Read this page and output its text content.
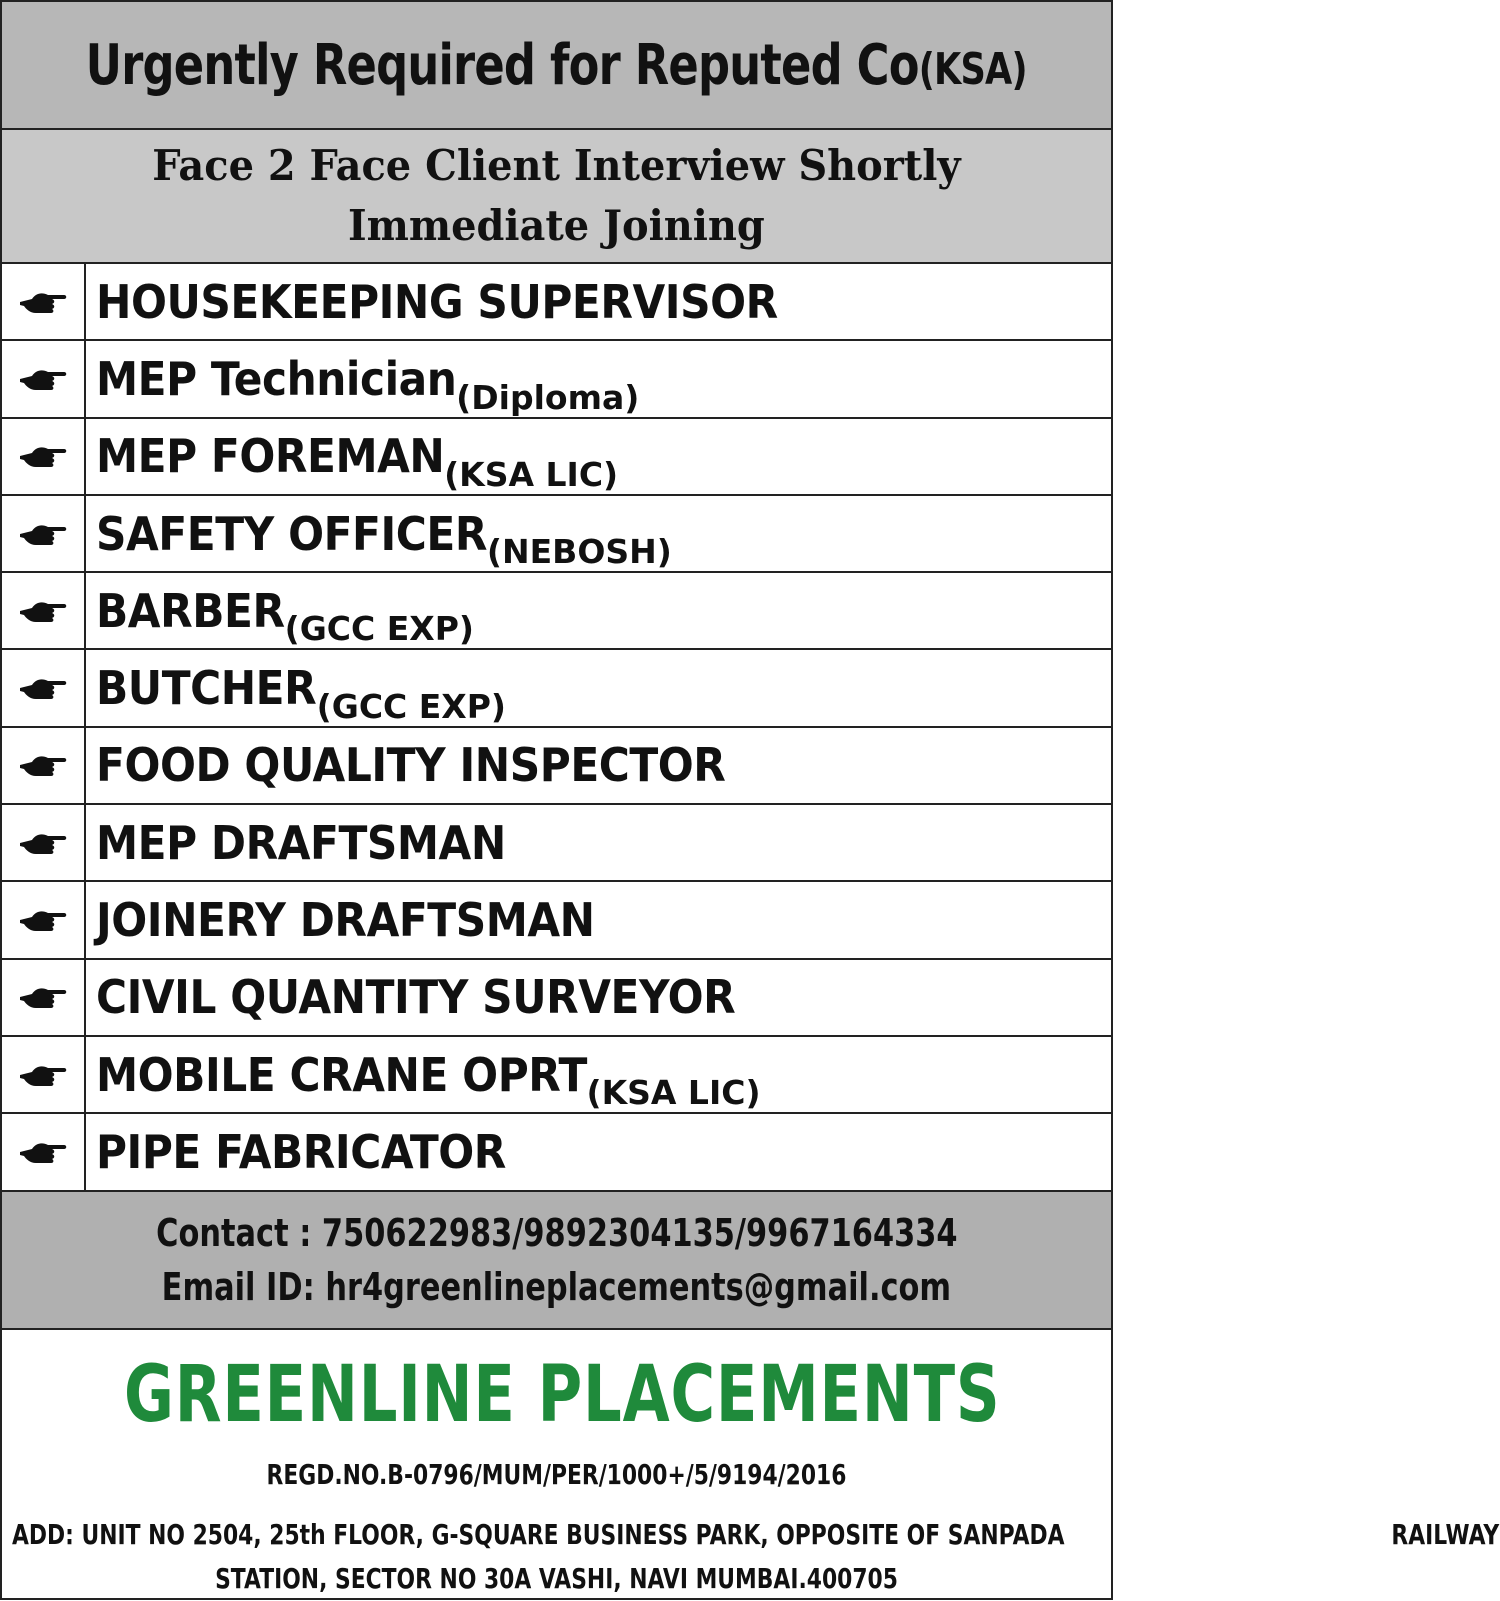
Urgently Required for Reputed Co(KSA)
Face 2 Face Client Interview Shortly
Immediate Joining
HOUSEKEEPING SUPERVISOR
MEP Technician (Diploma)
MEP FOREMAN (KSA LIC)
SAFETY OFFICER (NEBOSH)
BARBER (GCC EXP)
BUTCHER (GCC EXP)
FOOD QUALITY INSPECTOR
MEP DRAFTSMAN
JOINERY DRAFTSMAN
CIVIL QUANTITY SURVEYOR
MOBILE CRANE OPRT (KSA LIC)
PIPE FABRICATOR
Contact : 750622983/9892304135/9967164334
Email ID: hr4greenlineplacements@gmail.com
GREENLINE PLACEMENTS
REGD.NO.B-0796/MUM/PER/1000+/5/9194/2016
ADD: UNIT NO 2504, 25th FLOOR, G-SQUARE BUSINESS PARK, OPPOSITE OF SANPADA	RAILWAY
STATION, SECTOR NO 30A VASHI, NAVI MUMBAI.400705
